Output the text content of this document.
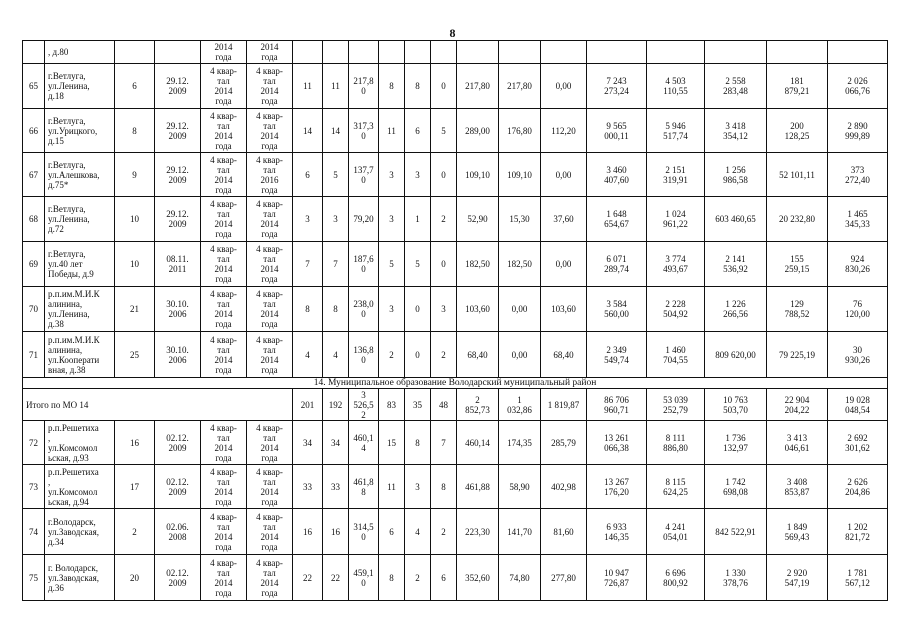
8
	, д.80			2014
года	2014
года														
65	г.Ветлуга,
ул.Ленина,
д.18	6	29.12.
2009	4 квар-
тал
2014
года	4 квар-
тал
2014
года	11	11	217,8
0	8	8	0	217,80	217,80	0,00	7 243
273,24	4 503
110,55	2 558
283,48	181
879,21	2 026
066,76
66	г.Ветлуга,
ул.Урицкого,
д.15	8	29.12.
2009	4 квар-
тал
2014
года	4 квар-
тал
2014
года	14	14	317,3
0	11	6	5	289,00	176,80	112,20	9 565
000,11	5 946
517,74	3 418
354,12	200
128,25	2 890
999,89
67	г.Ветлуга,
ул.Алешкова,
д.75*	9	29.12.
2009	4 квар-
тал
2014
года	4 квар-
тал
2016
года	6	5	137,7
0	3	3	0	109,10	109,10	0,00	3 460
407,60	2 151
319,91	1 256
986,58	52 101,11	373
272,40
68	г.Ветлуга,
ул.Ленина,
д.72	10	29.12.
2009	4 квар-
тал
2014
года	4 квар-
тал
2014
года	3	3	79,20	3	1	2	52,90	15,30	37,60	1 648
654,67	1 024
961,22	603 460,65	20 232,80	1 465
345,33
69	г.Ветлуга,
ул.40 лет
Победы, д.9	10	08.11.
2011	4 квар-
тал
2014
года	4 квар-
тал
2014
года	7	7	187,6
0	5	5	0	182,50	182,50	0,00	6 071
289,74	3 774
493,67	2 141
536,92	155
259,15	924
830,26
70	р.п.им.М.И.К
алинина,
ул.Ленина,
д.38	21	30.10.
2006	4 квар-
тал
2014
года	4 квар-
тал
2014
года	8	8	238,0
0	3	0	3	103,60	0,00	103,60	3 584
560,00	2 228
504,92	1 226
266,56	129
788,52	76
120,00
71	р.п.им.М.И.К
алинина,
ул.Кооперати
вная, д.38	25	30.10.
2006	4 квар-
тал
2014
года	4 квар-
тал
2014
года	4	4	136,8
0	2	0	2	68,40	0,00	68,40	2 349
549,74	1 460
704,55	809 620,00	79 225,19	30
930,26
14. Муниципальное образование Володарский муниципальный район																			
Итого по МО 14						201	192	3
526,5
2	83	35	48	2
852,73	1
032,86	1 819,87	86 706
960,71	53 039
252,79	10 763
503,70	22 904
204,22	19 028
048,54
72	р.п.Решетиха
,
ул.Комсомол
ьская, д.93	16	02.12.
2009	4 квар-
тал
2014
года	4 квар-
тал
2014
года	34	34	460,1
4	15	8	7	460,14	174,35	285,79	13 261
066,38	8 111
886,80	1 736
132,97	3 413
046,61	2 692
301,62
73	р.п.Решетиха
,
ул.Комсомол
ьская, д.94	17	02.12.
2009	4 квар-
тал
2014
года	4 квар-
тал
2014
года	33	33	461,8
8	11	3	8	461,88	58,90	402,98	13 267
176,20	8 115
624,25	1 742
698,08	3 408
853,87	2 626
204,86
74	г.Володарск,
ул.Заводская,
д.34	2	02.06.
2008	4 квар-
тал
2014
года	4 квар-
тал
2014
года	16	16	314,5
0	6	4	2	223,30	141,70	81,60	6 933
146,35	4 241
054,01	842 522,91	1 849
569,43	1 202
821,72
75	г. Володарск,
ул.Заводская,
д.36	20	02.12.
2009	4 квар-
тал
2014
года	4 квар-
тал
2014
года	22	22	459,1
0	8	2	6	352,60	74,80	277,80	10 947
726,87	6 696
800,92	1 330
378,76	2 920
547,19	1 781
567,12
